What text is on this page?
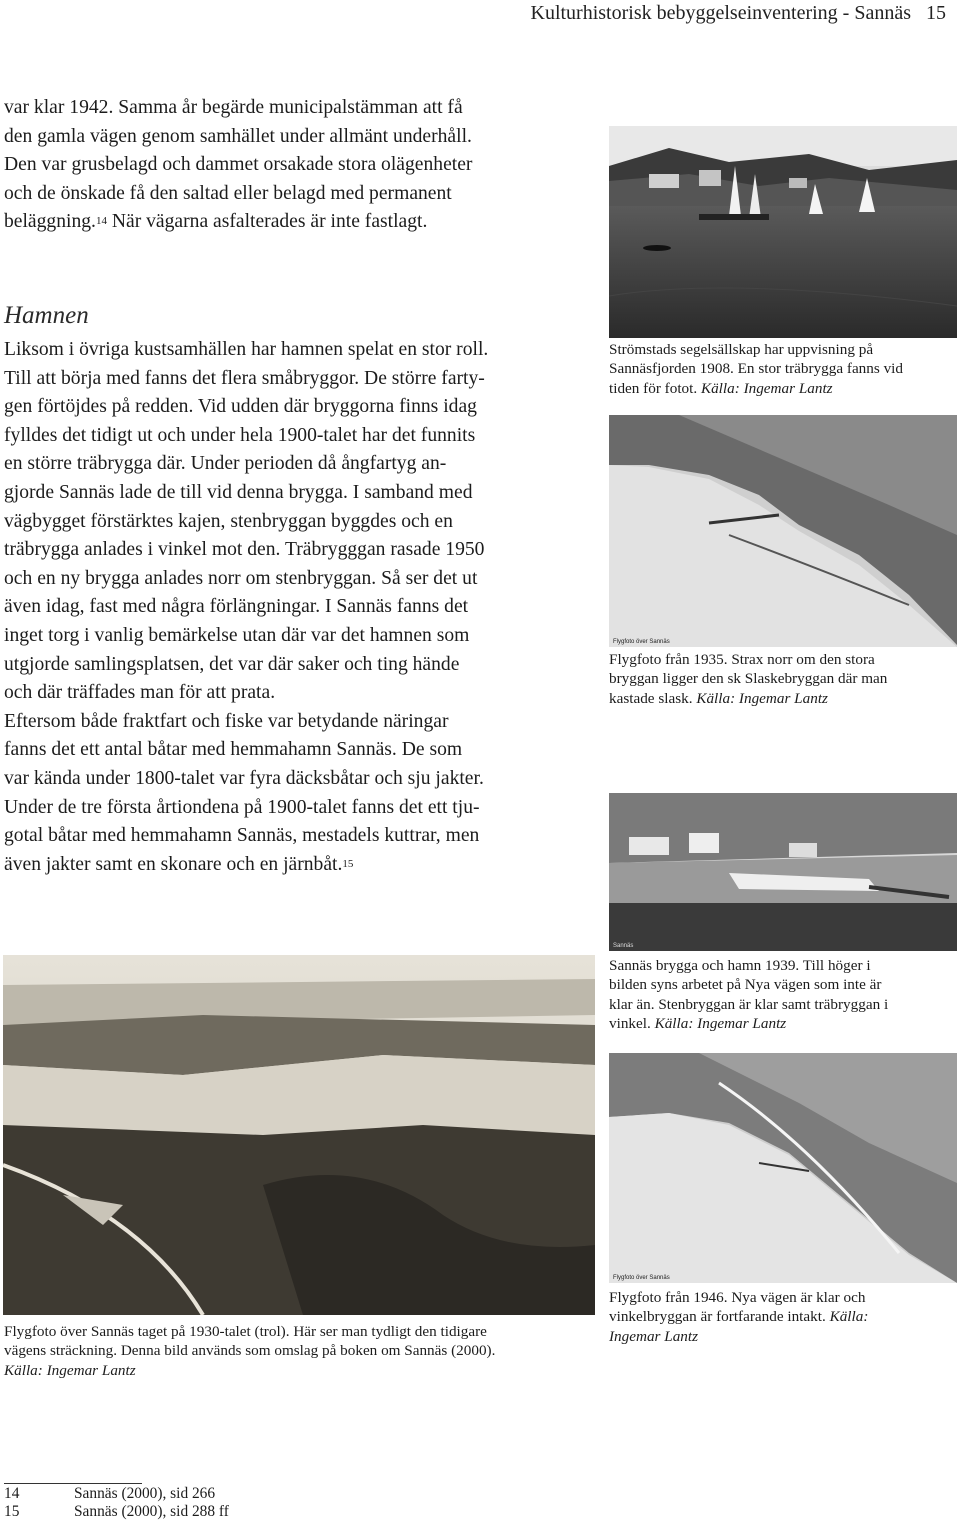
Kulturhistorisk bebyggelseinventering - Sannäs 15

var klar 1942. Samma år begärde municipalstämman att få

den gamla vägen genom samhället under allmänt underhåll.

Den var grusbelagd och dammet orsakade stora olägenheter

och de önskade få den saltad eller belagd med permanent

beläggning.$^{14}$ När vägarna asfalterades är inte fastlagt.

Hamnen

Liksom i övriga kustsamhällen har hamnen spelat en stor roll.

Till att börja med fanns det flera småbryggor. De större farty-

gen förtöjdes på redden. Vid udden där bryggorna finns idag

fylldes det tidigt ut och under hela 1900-talet har det funnits

en större träbrygga där. Under perioden då ångfartyg an-

gjorde Sannäs lade de till vid denna brygga. I samband med

vägbygget förstärktes kajen, stenbryggan byggdes och en

träbrygga anlades i vinkel mot den. Träbrygggan rasade 1950

och en ny brygga anlades norr om stenbryggan. Så ser det ut

även idag, fast med några förlängningar. I Sannäs fanns det

inget torg i vanlig bemärkelse utan där var det hamnen som

utgjorde samlingsplatsen, det var där saker och ting hände

och där träffades man för att prata.

Eftersom både fraktfart och fiske var betydande näringar

fanns det ett antal båtar med hemmahamn Sannäs. De som

var kända under 1800-talet var fyra däcksbåtar och sju jakter.

Under de tre första årtiondena på 1900-talet fanns det ett tju-

gotal båtar med hemmahamn Sannäs, mestadels kuttrar, men

även jakter samt en skonare och en järnbåt.$^{15}$

Strömstads segelsällskap har uppvisning på
Sannäsfjorden 1908. En stor träbrygga fanns vid
tiden för fotot. Källa: Ingemar Lantz
Flygfoto över Sannäs
Flygfoto från 1935. Strax norr om den stora
bryggan ligger den sk Slaskebryggan där man
kastade slask. Källa: Ingemar Lantz
Sannäs
Sannäs brygga och hamn 1939. Till höger i
bilden syns arbetet på Nya vägen som inte är
klar än. Stenbryggan är klar samt träbryggan i
vinkel. Källa: Ingemar Lantz
Flygfoto över Sannäs
Flygfoto från 1946. Nya vägen är klar och
vinkelbryggan är fortfarande intakt. Källa:
Ingemar Lantz
Flygfoto över Sannäs taget på 1930-talet (trol). Här ser man tydligt den tidigare
vägens sträckning. Denna bild används som omslag på boken om Sannäs (2000).
Källa: Ingemar Lantz
14	Sannäs (2000), sid 266
15	Sannäs (2000), sid 288 ff
